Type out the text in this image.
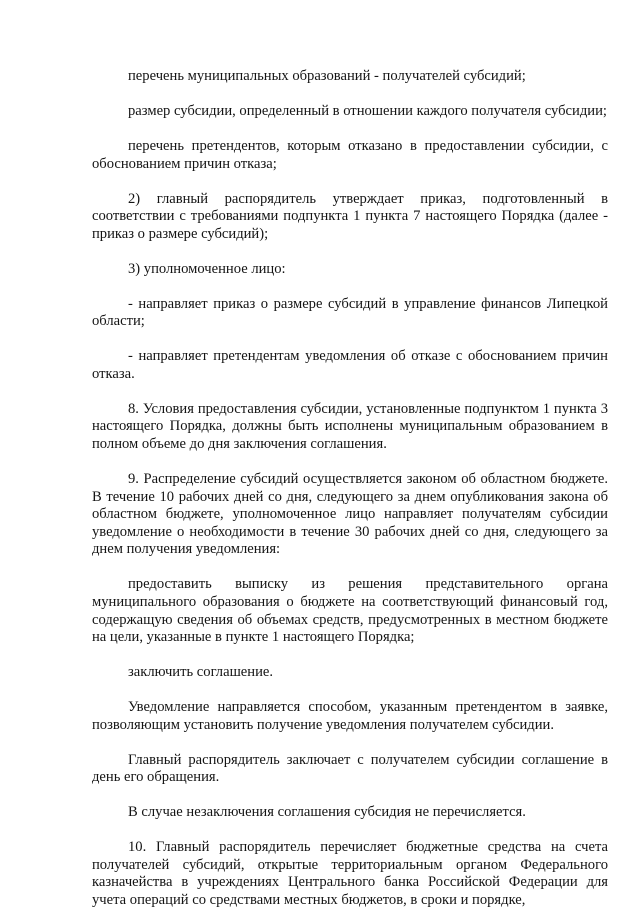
перечень муниципальных образований - получателей субсидий;

размер субсидии, определенный в отношении каждого получателя субсидии;

перечень претендентов, которым отказано в предоставлении субсидии, с обоснованием причин отказа;

2) главный распорядитель утверждает приказ, подготовленный в соответствии с требованиями подпункта 1 пункта 7 настоящего Порядка (далее - приказ о размере субсидий);

3) уполномоченное лицо:

- направляет приказ о размере субсидий в управление финансов Липецкой области;

- направляет претендентам уведомления об отказе с обоснованием причин отказа.

8. Условия предоставления субсидии, установленные подпунктом 1 пункта 3 настоящего Порядка, должны быть исполнены муниципальным образованием в полном объеме до дня заключения соглашения.

9. Распределение субсидий осуществляется законом об областном бюджете. В течение 10 рабочих дней со дня, следующего за днем опубликования закона об областном бюджете, уполномоченное лицо направляет получателям субсидии уведомление о необходимости в течение 30 рабочих дней со дня, следующего за днем получения уведомления:

предоставить выписку из решения представительного органа муниципального образования о бюджете на соответствующий финансовый год, содержащую сведения об объемах средств, предусмотренных в местном бюджете на цели, указанные в пункте 1 настоящего Порядка;

заключить соглашение.

Уведомление направляется способом, указанным претендентом в заявке, позволяющим установить получение уведомления получателем субсидии.

Главный распорядитель заключает с получателем субсидии соглашение в день его обращения.

В случае незаключения соглашения субсидия не перечисляется.

10. Главный распорядитель перечисляет бюджетные средства на счета получателей субсидий, открытые территориальным органом Федерального казначейства в учреждениях Центрального банка Российской Федерации для учета операций со средствами местных бюджетов, в сроки и порядке,
